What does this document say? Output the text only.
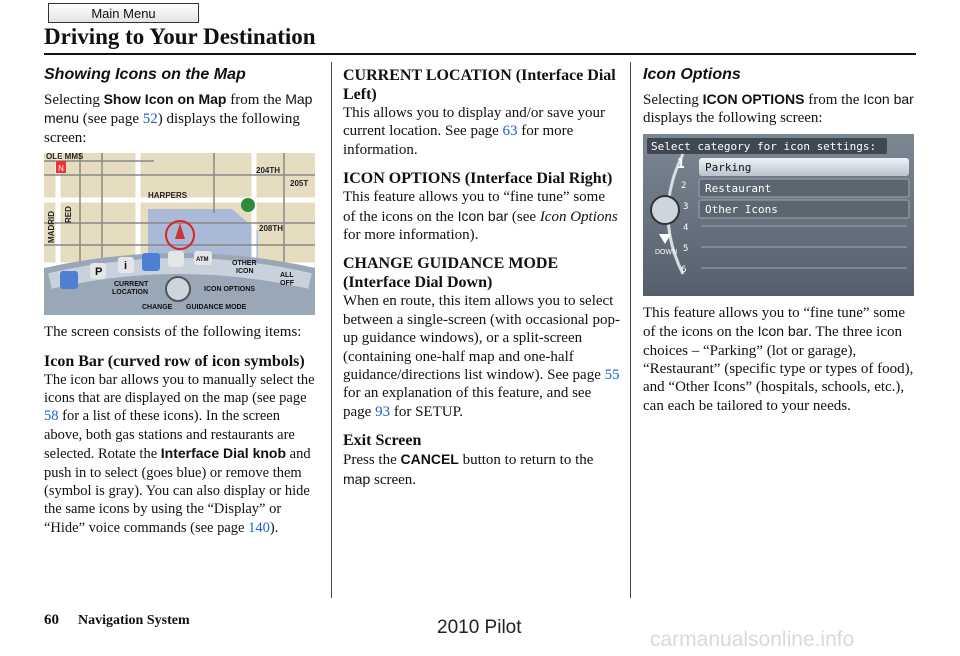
Main Menu
Driving to Your Destination
Showing Icons on the Map

Selecting Show Icon on Map from the Map menu (see page 52) displays the following screen:

N
OLE MMS
HARPERS
204TH
205T
208TH
MADRID RED
P i	ATM	OTHER
ICON
ALL
OFF
CURRENT
LOCATION	ICON OPTIONS
CHANGE GUIDANCE MODE

The screen consists of the following items:

Icon Bar (curved row of icon symbols)

The icon bar allows you to manually select the icons that are displayed on the map (see page 58 for a list of these icons). In the screen above, both gas stations and restaurants are selected. Rotate the Interface Dial knob and push in to select (goes blue) or remove them (symbol is gray). You can also display or hide the same icons by using the “Display” or “Hide” voice commands (see page 140).

CURRENT LOCATION (Interface Dial Left)

This allows you to display and/or save your current location. See page 63 for more information.

ICON OPTIONS (Interface Dial Right)

This feature allows you to “fine tune” some of the icons on the Icon bar (see Icon Options for more information).

CHANGE GUIDANCE MODE (Interface Dial Down)

When en route, this item allows you to select between a single-screen (with occasional pop-up guidance windows), or a split-screen (containing one-half map and one-half guidance/directions list window). See page 55 for an explanation of this feature, and see page 93 for SETUP.

Exit Screen

Press the CANCEL button to return to the map screen.

Icon Options

Selecting ICON OPTIONS from the Icon bar displays the following screen:

Select category for icon settings:
1
2
3
4
5
6
Parking
Restaurant
Other Icons
DOWN

This feature allows you to “fine tune” some of the icons on the Icon bar. The three icon choices – “Parking” (lot or garage), “Restaurant” (specific type or types of food), and “Other Icons” (hospitals, schools, etc.), can each be tailored to your needs.

60 Navigation System	2010 Pilot
carmanualsonline.info
